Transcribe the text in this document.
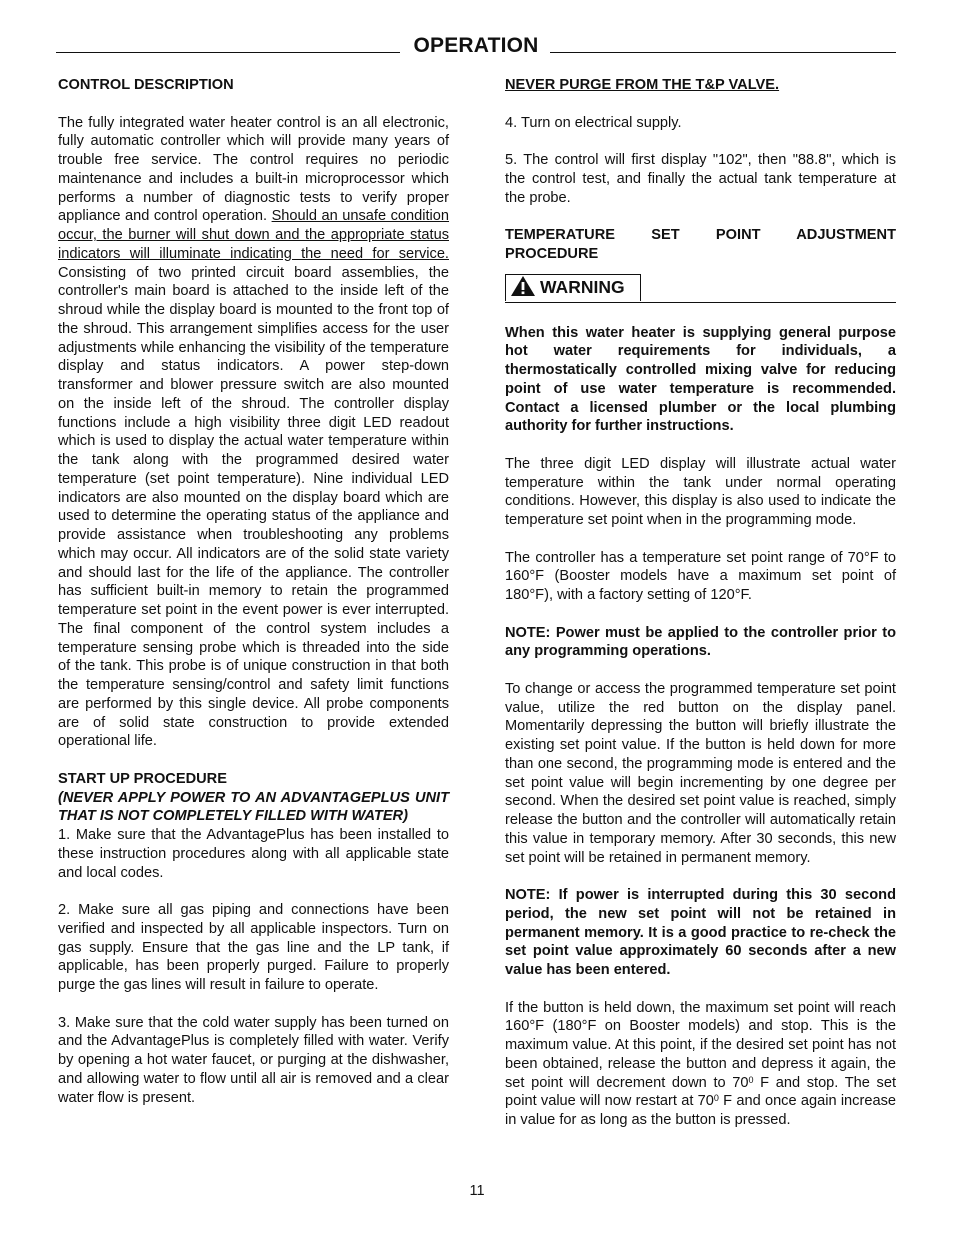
OPERATION
CONTROL DESCRIPTION

The fully integrated water heater control is an all electronic, fully automatic controller which will provide many years of trouble free service. The control requires no periodic maintenance and includes a built-in microprocessor which performs a number of diagnostic tests to verify proper appliance and control operation. Should an unsafe condition occur, the burner will shut down and the appropriate status indicators will illuminate indicating the need for service. Consisting of two printed circuit board assemblies, the controller's main board is attached to the inside left of the shroud while the display board is mounted to the front top of the shroud. This arrangement simplifies access for the user adjustments while enhancing the visibility of the temperature display and status indicators. A power step-down transformer and blower pressure switch are also mounted on the inside left of the shroud. The controller display functions include a high visibility three digit LED readout which is used to display the actual water temperature within the tank along with the programmed desired water temperature (set point temperature). Nine individual LED indicators are also mounted on the display board which are used to determine the operating status of the appliance and provide assistance when troubleshooting any problems which may occur. All indicators are of the solid state variety and should last for the life of the appliance. The controller has sufficient built-in memory to retain the programmed temperature set point in the event power is ever interrupted. The final component of the control system includes a temperature sensing probe which is threaded into the side of the tank. This probe is of unique construction in that both the temperature sensing/control and safety limit functions are performed by this single device. All probe components are of solid state construction to provide extended operational life.

START UP PROCEDURE
(NEVER APPLY POWER TO AN ADVANTAGEPLUS UNIT THAT IS NOT COMPLETELY FILLED WITH WATER)

1. Make sure that the AdvantagePlus has been installed to these instruction procedures along with all applicable state and local codes.

2. Make sure all gas piping and connections have been verified and inspected by all applicable inspectors. Turn on gas supply. Ensure that the gas line and the LP tank, if applicable, has been properly purged. Failure to properly purge the gas lines will result in failure to operate.

3. Make sure that the cold water supply has been turned on and the AdvantagePlus is completely filled with water. Verify by opening a hot water faucet, or purging at the dishwasher, and allowing water to flow until all air is removed and a clear water flow is present.

NEVER PURGE FROM THE T&P VALVE.

4. Turn on electrical supply.

5. The control will first display "102", then "88.8", which is the control test, and finally the actual tank temperature at the probe.

TEMPERATURE SET POINT ADJUSTMENT PROCEDURE
WARNING

When this water heater is supplying general purpose hot water requirements for individuals, a thermostatically controlled mixing valve for reducing point of use water temperature is recommended. Contact a licensed plumber or the local plumbing authority for further instructions.

The three digit LED display will illustrate actual water temperature within the tank under normal operating conditions. However, this display is also used to indicate the temperature set point when in the programming mode.

The controller has a temperature set point range of 70°F to 160°F (Booster models have a maximum set point of 180°F), with a factory setting of 120°F.

NOTE: Power must be applied to the controller prior to any programming operations.

To change or access the programmed temperature set point value, utilize the red button on the display panel. Momentarily depressing the button will briefly illustrate the existing set point value. If the button is held down for more than one second, the programming mode is entered and the set point value will begin incrementing by one degree per second. When the desired set point value is reached, simply release the button and the controller will automatically retain this value in temporary memory. After 30 seconds, this new set point will be retained in permanent memory.

NOTE: If power is interrupted during this 30 second period, the new set point will not be retained in permanent memory. It is a good practice to re-check the set point value approximately 60 seconds after a new value has been entered.

If the button is held down, the maximum set point will reach 160°F (180°F on Booster models) and stop. This is the maximum value. At this point, if the desired set point has not been obtained, release the button and depress it again, the set point will decrement down to $70^0$ F and stop. The set point value will now restart at $70^0$ F and once again increase in value for as long as the button is pressed.

11
